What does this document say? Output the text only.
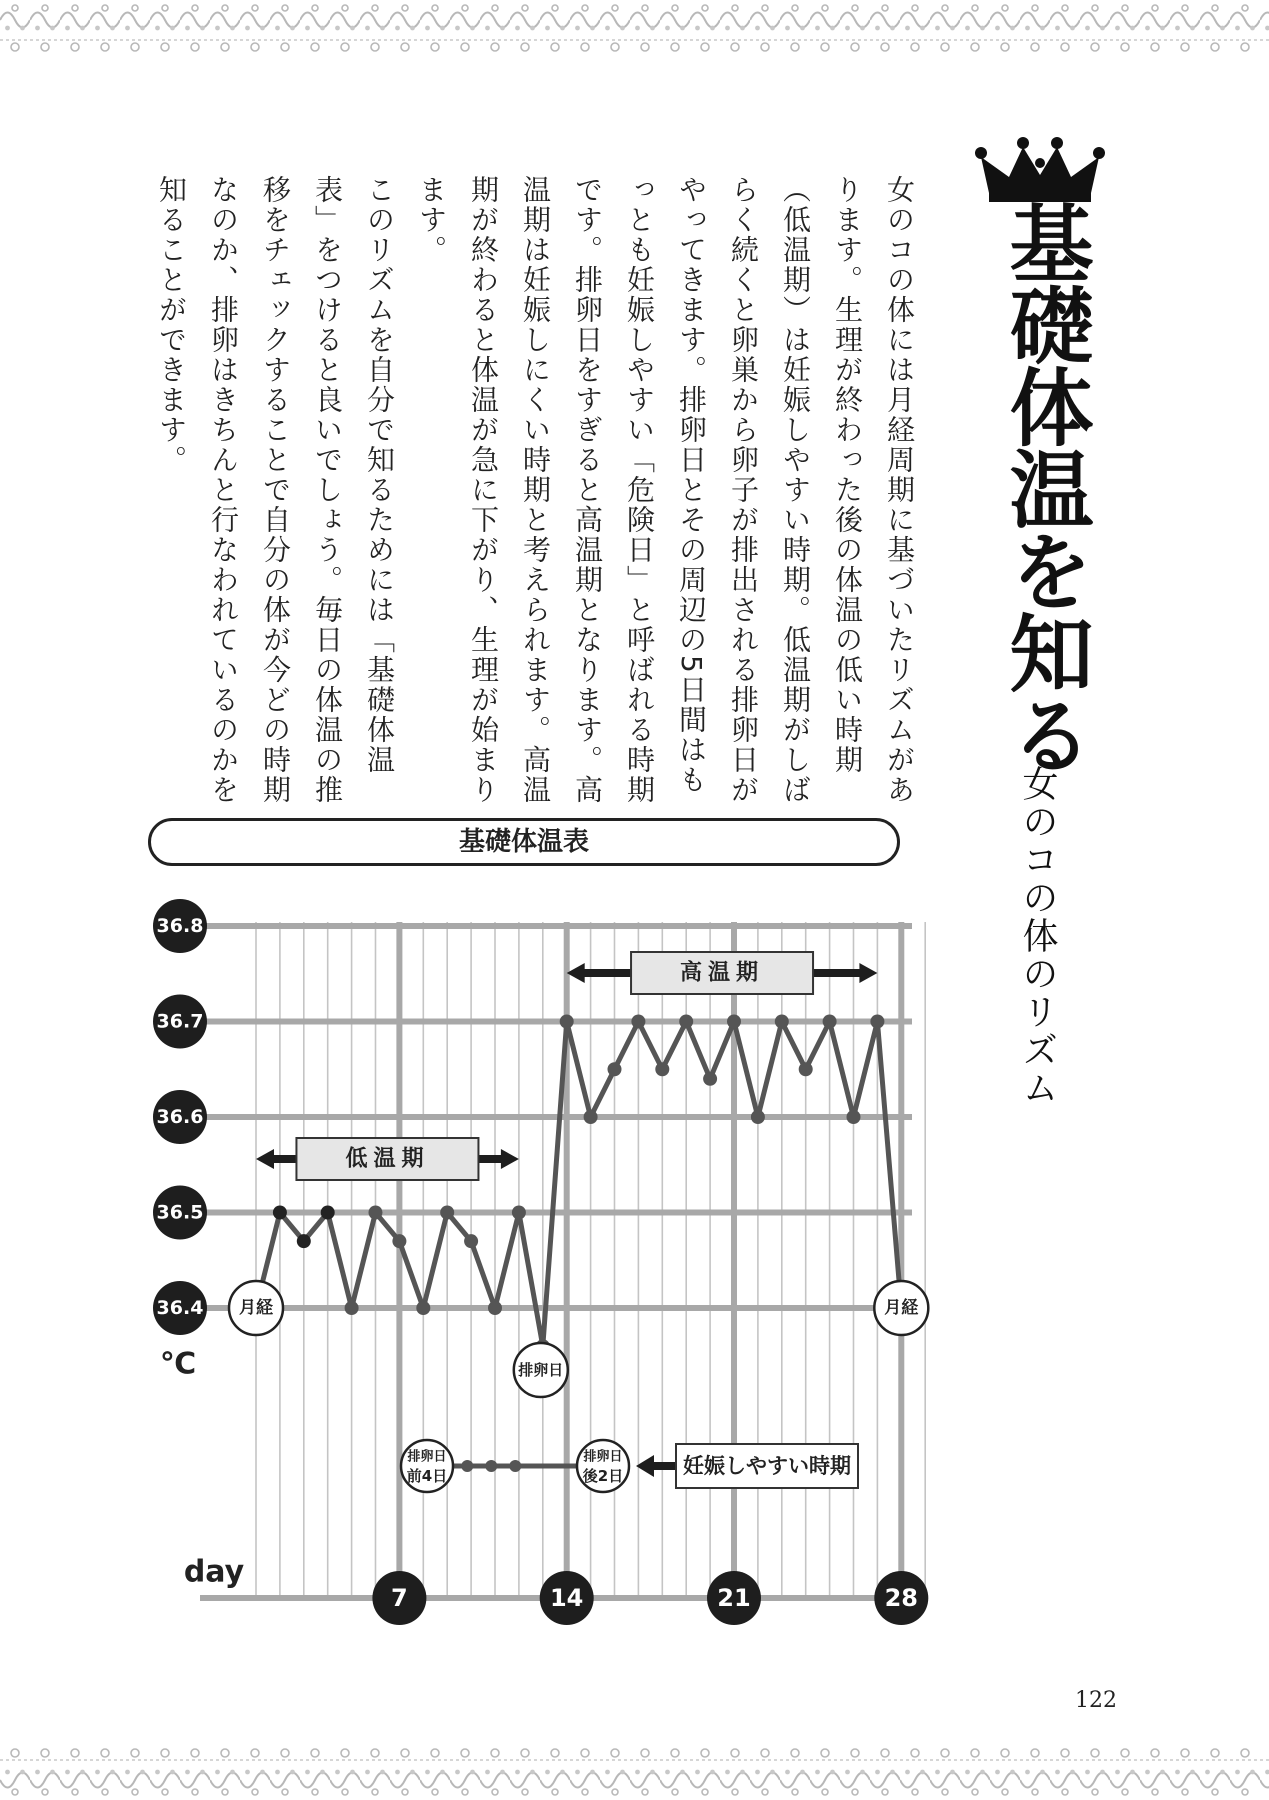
女のコの体には月経周期に基づいたリズムがあります。生理が終わった後の体温の低い時期（低温期）は妊娠しやすい時期。低温期がしばらく続くと卵巣から卵子が排出される排卵日がやってきます。排卵日とその周辺の5日間はもっとも妊娠しやすい「危険日」と呼ばれる時期です。排卵日をすぎると高温期となります。高温期は妊娠しにくい時期と考えられます。高温期が終わると体温が急に下がり、生理が始まります。

このリズムを自分で知るためには「基礎体温表」をつけると良いでしょう。毎日の体温の推移をチェックすることで自分の体が今どの時期なのか、排卵はきちんと行なわれているのかを知ることができます。	基礎体温を知る
女のコの体のリズム
基礎体温表
36.8
36.7
36.6
36.5
36.4
℃
day
7	14	21	28
低温期
高温期
月経	月経
排卵日
排卵日
前4日
排卵日
後2日	妊娠しやすい時期
122
